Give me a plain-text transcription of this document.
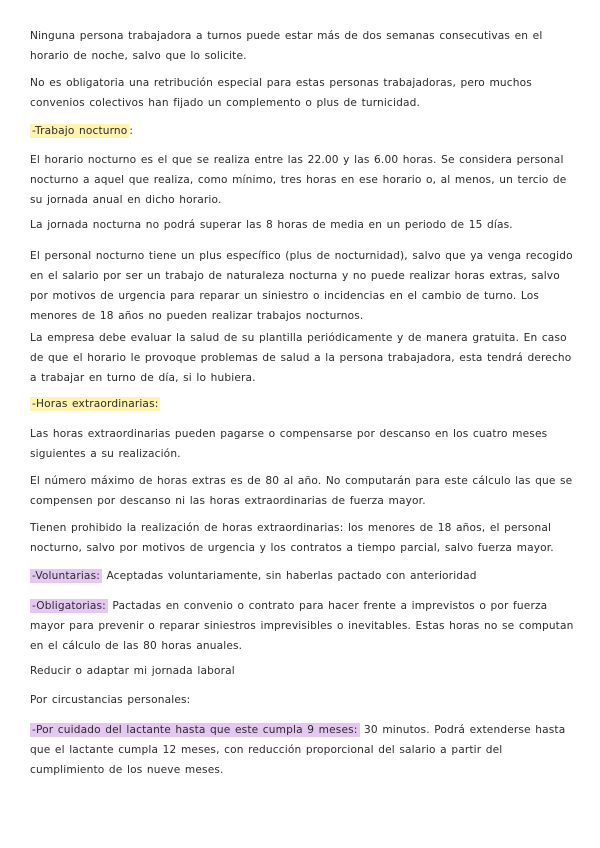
Ninguna persona trabajadora a turnos puede estar más de dos semanas consecutivas en el horario de noche, salvo que lo solicite.

No es obligatoria una retribución especial para estas personas trabajadoras, pero muchos convenios colectivos han fijado un complemento o plus de turnicidad.

-Trabajo nocturno :

El horario nocturno es el que se realiza entre las 22.00 y las 6.00 horas. Se considera personal nocturno a aquel que realiza, como mínimo, tres horas en ese horario o, al menos, un tercio de su jornada anual en dicho horario.

La jornada nocturna no podrá superar las 8 horas de media en un periodo de 15 días.

El personal nocturno tiene un plus específico (plus de nocturnidad), salvo que ya venga recogido en el salario por ser un trabajo de naturaleza nocturna y no puede realizar horas extras, salvo por motivos de urgencia para reparar un siniestro o incidencias en el cambio de turno. Los menores de 18 años no pueden realizar trabajos nocturnos.

La empresa debe evaluar la salud de su plantilla periódicamente y de manera gratuita. En caso de que el horario le provoque problemas de salud a la persona trabajadora, esta tendrá derecho a trabajar en turno de día, si lo hubiera.

-Horas extraordinarias:

Las horas extraordinarias pueden pagarse o compensarse por descanso en los cuatro meses siguientes a su realización.

El número máximo de horas extras es de 80 al año. No computarán para este cálculo las que se compensen por descanso ni las horas extraordinarias de fuerza mayor.

Tienen prohibido la realización de horas extraordinarias: los menores de 18 años, el personal nocturno, salvo por motivos de urgencia y los contratos a tiempo parcial, salvo fuerza mayor.

-Voluntarias: Aceptadas voluntariamente, sin haberlas pactado con anterioridad

-Obligatorias: Pactadas en convenio o contrato para hacer frente a imprevistos o por fuerza mayor para prevenir o reparar siniestros imprevisibles o inevitables. Estas horas no se computan en el cálculo de las 80 horas anuales.

Reducir o adaptar mi jornada laboral

Por circustancias personales:

-Por cuidado del lactante hasta que este cumpla 9 meses: 30 minutos. Podrá extenderse hasta que el lactante cumpla 12 meses, con reducción proporcional del salario a partir del cumplimiento de los nueve meses.
